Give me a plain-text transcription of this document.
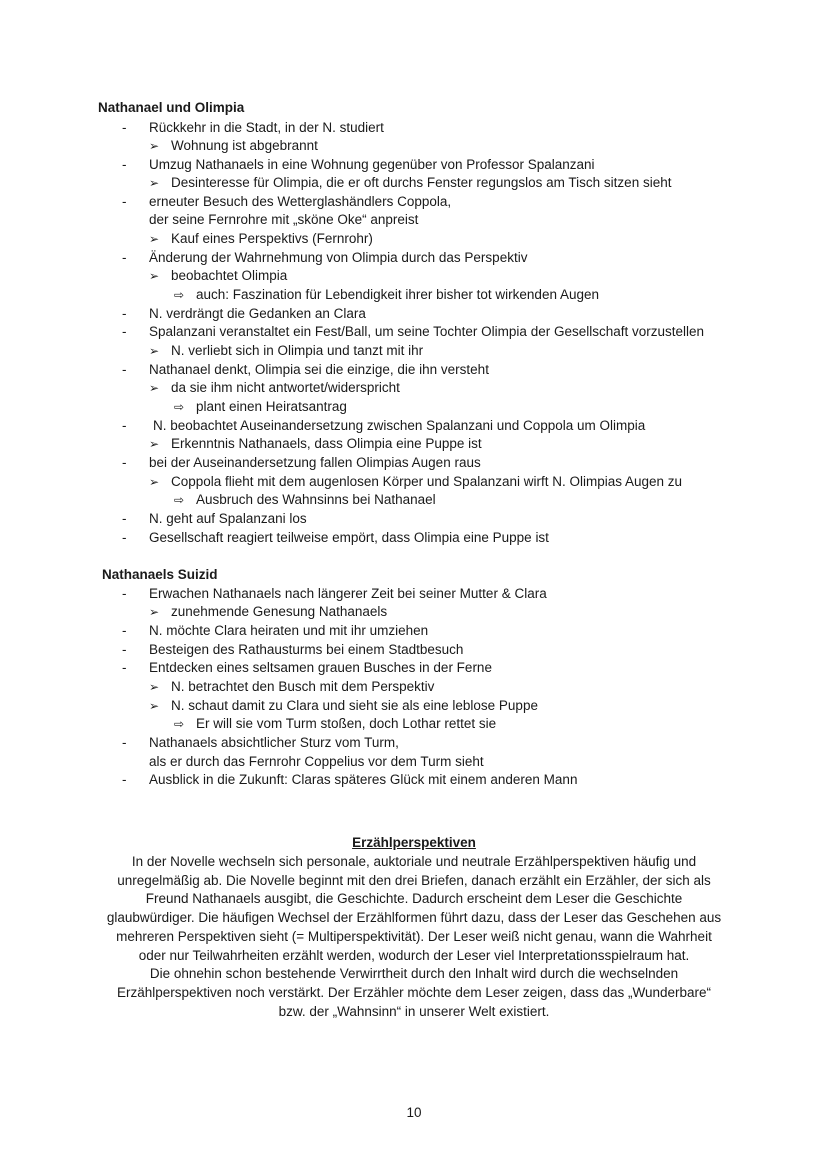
Nathanael und Olimpia
- Rückkehr in die Stadt, in der N. studiert
➢ Wohnung ist abgebrannt
- Umzug Nathanaels in eine Wohnung gegenüber von Professor Spalanzani
➢ Desinteresse für Olimpia, die er oft durchs Fenster regungslos am Tisch sitzen sieht
- erneuter Besuch des Wetterglashändlers Coppola,
der seine Fernrohre mit „sköne Oke“ anpreist
➢ Kauf eines Perspektivs (Fernrohr)
- Änderung der Wahrnehmung von Olimpia durch das Perspektiv
➢ beobachtet Olimpia
⇨ auch: Faszination für Lebendigkeit ihrer bisher tot wirkenden Augen
- N. verdrängt die Gedanken an Clara
- Spalanzani veranstaltet ein Fest/Ball, um seine Tochter Olimpia der Gesellschaft vorzustellen
➢ N. verliebt sich in Olimpia und tanzt mit ihr
- Nathanael denkt, Olimpia sei die einzige, die ihn versteht
➢ da sie ihm nicht antwortet/widerspricht
⇨ plant einen Heiratsantrag
- N. beobachtet Auseinandersetzung zwischen Spalanzani und Coppola um Olimpia
➢ Erkenntnis Nathanaels, dass Olimpia eine Puppe ist
- bei der Auseinandersetzung fallen Olimpias Augen raus
➢ Coppola flieht mit dem augenlosen Körper und Spalanzani wirft N. Olimpias Augen zu
⇨ Ausbruch des Wahnsinns bei Nathanael
- N. geht auf Spalanzani los
- Gesellschaft reagiert teilweise empört, dass Olimpia eine Puppe ist
Nathanaels Suizid
- Erwachen Nathanaels nach längerer Zeit bei seiner Mutter & Clara
➢ zunehmende Genesung Nathanaels
- N. möchte Clara heiraten und mit ihr umziehen
- Besteigen des Rathausturms bei einem Stadtbesuch
- Entdecken eines seltsamen grauen Busches in der Ferne
➢ N. betrachtet den Busch mit dem Perspektiv
➢ N. schaut damit zu Clara und sieht sie als eine leblose Puppe
⇨ Er will sie vom Turm stoßen, doch Lothar rettet sie
- Nathanaels absichtlicher Sturz vom Turm,
als er durch das Fernrohr Coppelius vor dem Turm sieht
- Ausblick in die Zukunft: Claras späteres Glück mit einem anderen Mann
Erzählperspektiven
In der Novelle wechseln sich personale, auktoriale und neutrale Erzählperspektiven häufig und
unregelmäßig ab. Die Novelle beginnt mit den drei Briefen, danach erzählt ein Erzähler, der sich als
Freund Nathanaels ausgibt, die Geschichte. Dadurch erscheint dem Leser die Geschichte
glaubwürdiger. Die häufigen Wechsel der Erzählformen führt dazu, dass der Leser das Geschehen aus
mehreren Perspektiven sieht (= Multiperspektivität). Der Leser weiß nicht genau, wann die Wahrheit
oder nur Teilwahrheiten erzählt werden, wodurch der Leser viel Interpretationsspielraum hat.
Die ohnehin schon bestehende Verwirrtheit durch den Inhalt wird durch die wechselnden
Erzählperspektiven noch verstärkt. Der Erzähler möchte dem Leser zeigen, dass das „Wunderbare“
bzw. der „Wahnsinn“ in unserer Welt existiert.
10
